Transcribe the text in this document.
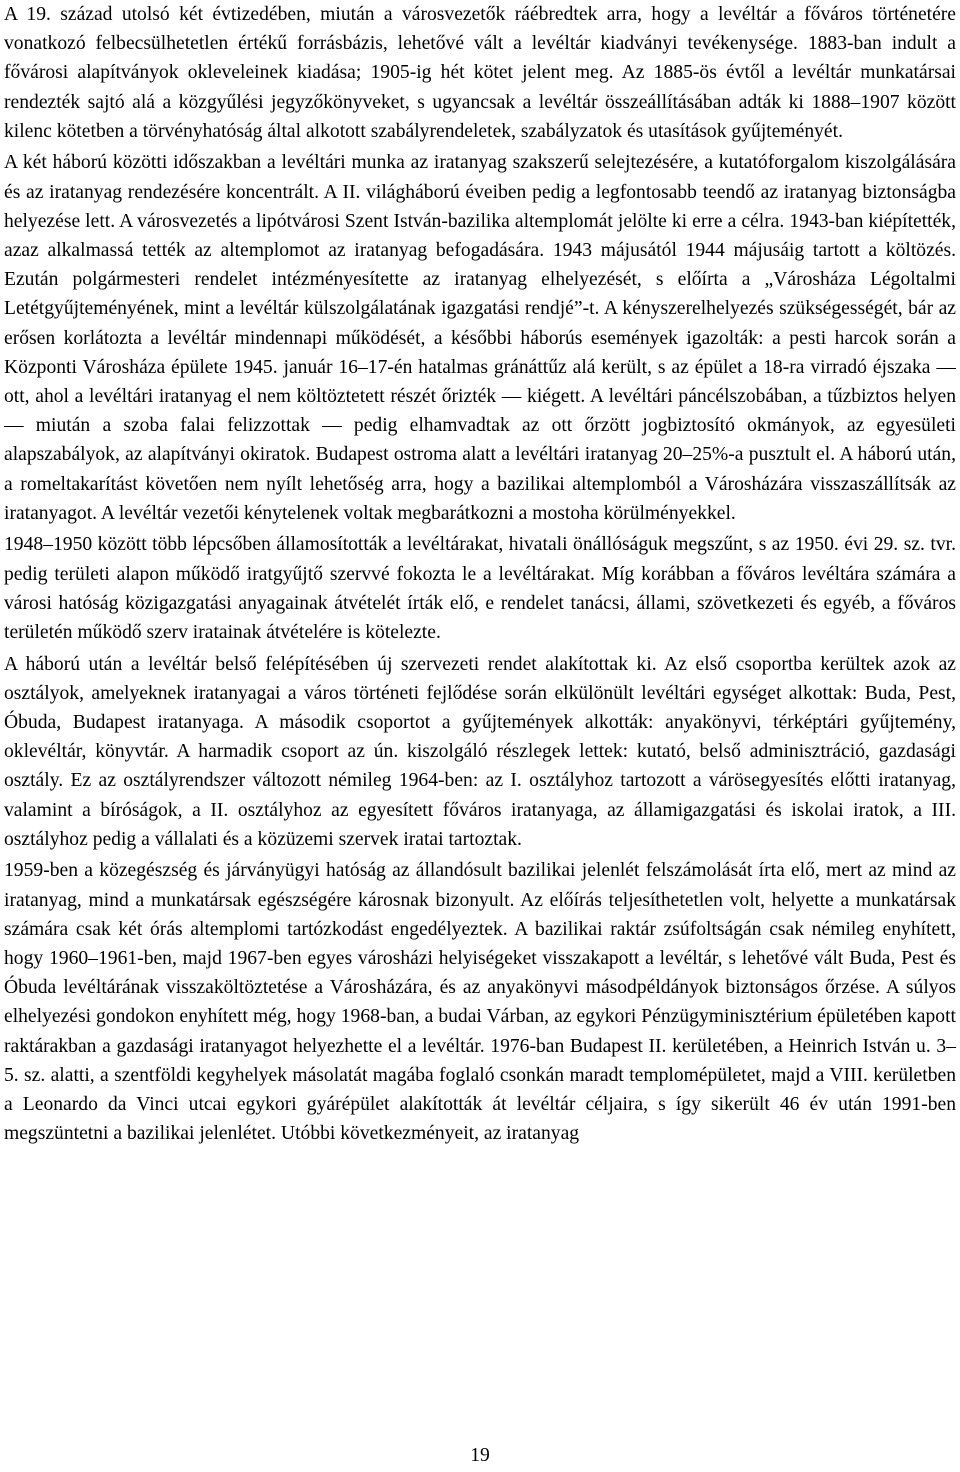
A 19. század utolsó két évtizedében, miután a városvezetők ráébredtek arra, hogy a levéltár a főváros történetére vonatkozó felbecsülhetetlen értékű forrásbázis, lehetővé vált a levéltár kiadványi tevékenysége. 1883-ban indult a fővárosi alapítványok okleveleinek kiadása; 1905-ig hét kötet jelent meg. Az 1885-ös évtől a levéltár munkatársai rendezték sajtó alá a közgyűlési jegyzőkönyveket, s ugyancsak a levéltár összeállításában adták ki 1888–1907 között kilenc kötetben a törvényhatóság által alkotott szabályrendeletek, szabályzatok és utasítások gyűjteményét.

A két háború közötti időszakban a levéltári munka az iratanyag szakszerű selejtezésére, a kutatóforgalom kiszolgálására és az iratanyag rendezésére koncentrált. A II. világháború éveiben pedig a legfontosabb teendő az iratanyag biztonságba helyezése lett. A városvezetés a lipótvárosi Szent István-bazilika altemplomát jelölte ki erre a célra. 1943-ban kiépítették, azaz alkalmassá tették az altemplomot az iratanyag befogadására. 1943 májusától 1944 májusáig tartott a költözés. Ezután polgármesteri rendelet intézményesítette az iratanyag elhelyezését, s előírta a „Városháza Légoltalmi Letétgyűjteményének, mint a levéltár külszolgálatának igazgatási rendjé”-t. A kényszerelhelyezés szükségességét, bár az erősen korlátozta a levéltár mindennapi működését, a későbbi háborús események igazolták: a pesti harcok során a Központi Városháza épülete 1945. január 16–17-én hatalmas gránáttűz alá került, s az épület a 18-ra virradó éjszaka — ott, ahol a levéltári iratanyag el nem költöztetett részét őrizték — kiégett. A levéltári páncélszobában, a tűzbiztos helyen — miután a szoba falai felizzottak — pedig elhamvadtak az ott őrzött jogbiztosító okmányok, az egyesületi alapszabályok, az alapítványi okiratok. Budapest ostroma alatt a levéltári iratanyag 20–25%-a pusztult el. A háború után, a romeltakarítást követően nem nyílt lehetőség arra, hogy a bazilikai altemplomból a Városházára visszaszállítsák az iratanyagot. A levéltár vezetői kénytelenek voltak megbarátkozni a mostoha körülményekkel.

1948–1950 között több lépcsőben államosították a levéltárakat, hivatali önállóságuk megszűnt, s az 1950. évi 29. sz. tvr. pedig területi alapon működő iratgyűjtő szervvé fokozta le a levéltárakat. Míg korábban a főváros levéltára számára a városi hatóság közigazgatási anyagainak átvételét írták elő, e rendelet tanácsi, állami, szövetkezeti és egyéb, a főváros területén működő szerv iratainak átvételére is kötelezte.

A háború után a levéltár belső felépítésében új szervezeti rendet alakítottak ki. Az első csoportba kerültek azok az osztályok, amelyeknek iratanyagai a város történeti fejlődése során elkülönült levéltári egységet alkottak: Buda, Pest, Óbuda, Budapest iratanyaga. A második csoportot a gyűjtemények alkották: anyakönyvi, térképtári gyűjtemény, oklevéltár, könyvtár. A harmadik csoport az ún. kiszolgáló részlegek lettek: kutató, belső adminisztráció, gazdasági osztály. Ez az osztályrendszer változott némileg 1964-ben: az I. osztályhoz tartozott a várösegyesítés előtti iratanyag, valamint a bíróságok, a II. osztályhoz az egyesített főváros iratanyaga, az államigazgatási és iskolai iratok, a III. osztályhoz pedig a vállalati és a közüzemi szervek iratai tartoztak.

1959-ben a közegészség és járványügyi hatóság az állandósult bazilikai jelenlét felszámolását írta elő, mert az mind az iratanyag, mind a munkatársak egészségére károsnak bizonyult. Az előírás teljesíthetetlen volt, helyette a munkatársak számára csak két órás altemplomi tartózkodást engedélyeztek. A bazilikai raktár zsúfoltságán csak némileg enyhített, hogy 1960–1961-ben, majd 1967-ben egyes városházi helyiségeket visszakapott a levéltár, s lehetővé vált Buda, Pest és Óbuda levéltárának visszaköltöztetése a Városházára, és az anyakönyvi másodpéldányok biztonságos őrzése. A súlyos elhelyezési gondokon enyhített még, hogy 1968-ban, a budai Várban, az egykori Pénzügyminisztérium épületében kapott raktárakban a gazdasági iratanyagot helyezhette el a levéltár. 1976-ban Budapest II. kerületében, a Heinrich István u. 3–5. sz. alatti, a szentföldi kegyhelyek másolatát magába foglaló csonkán maradt templomépületet, majd a VIII. kerületben a Leonardo da Vinci utcai egykori gyárépület alakították át levéltár céljaira, s így sikerült 46 év után 1991-ben megszüntetni a bazilikai jelenlétet. Utóbbi következményeit, az iratanyag

19
